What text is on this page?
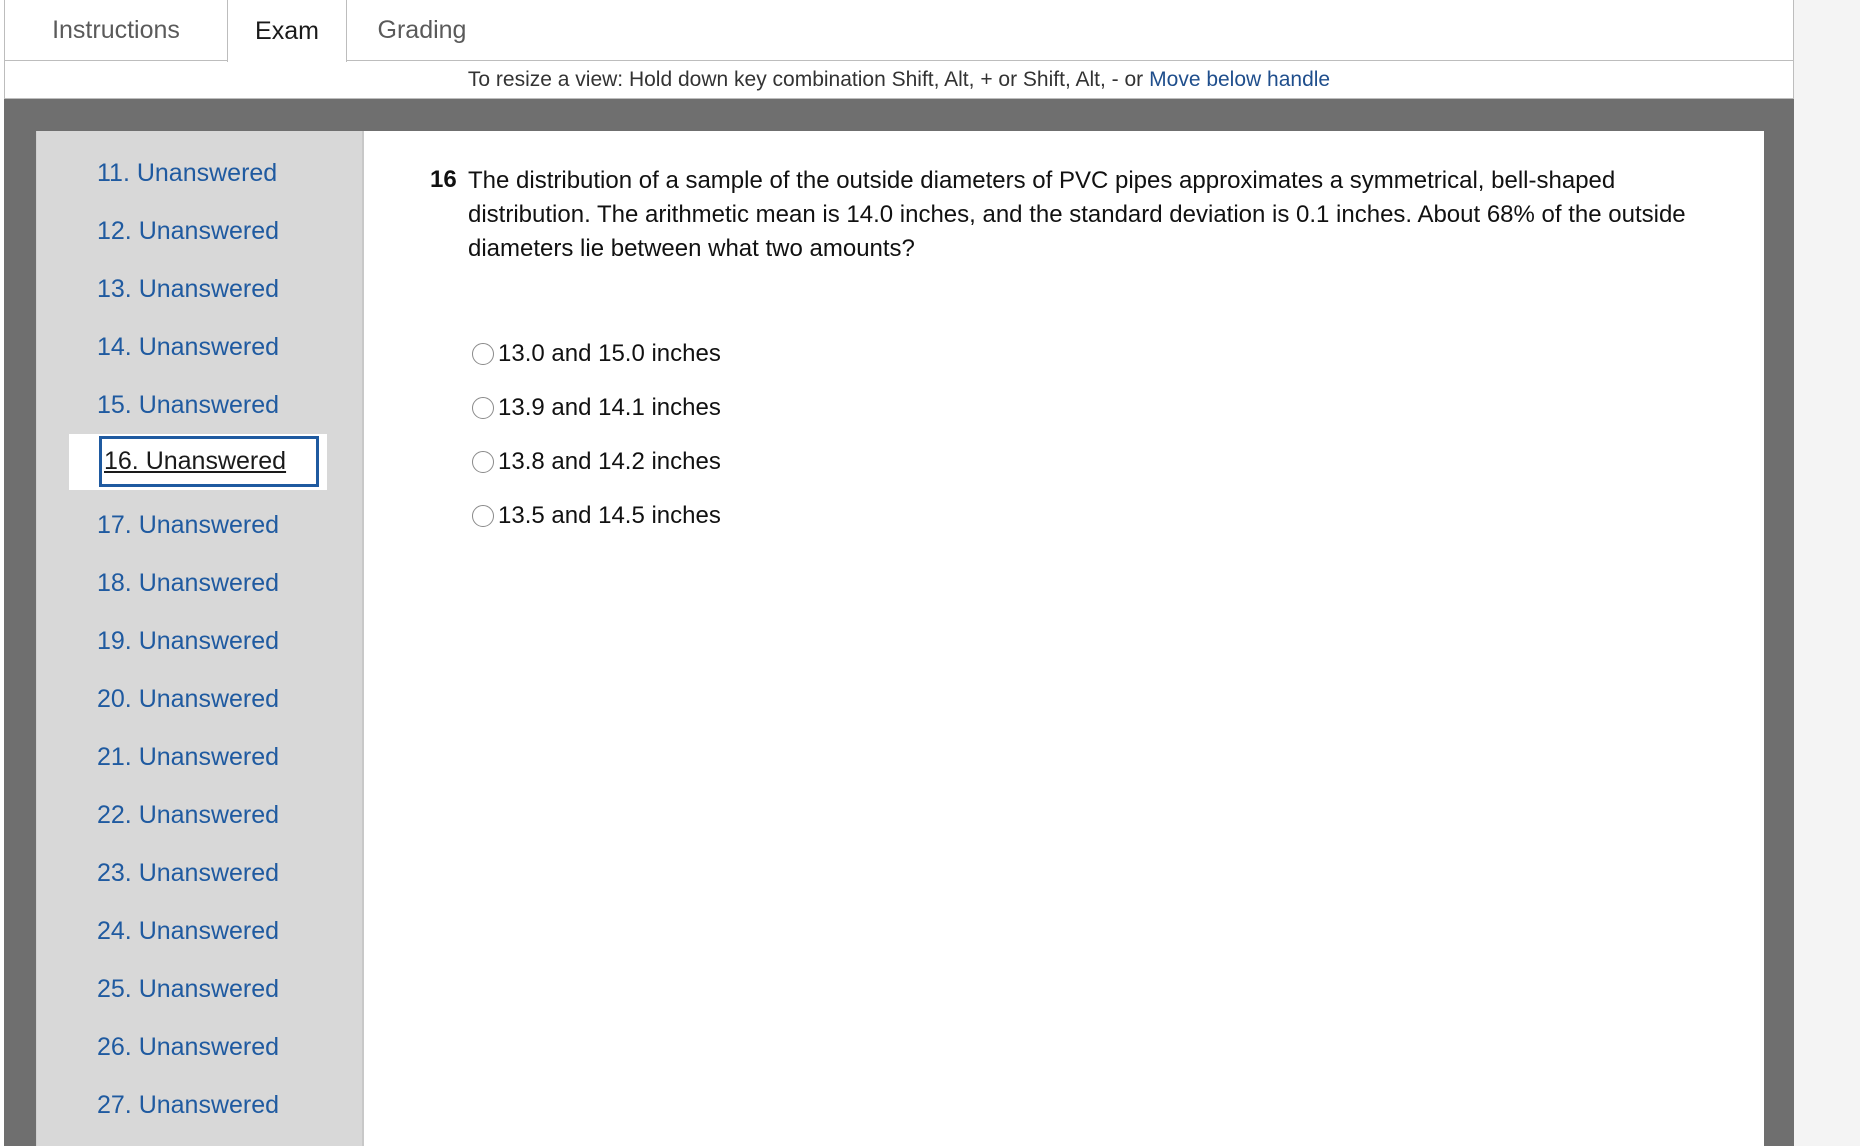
Instructions	Exam	Grading
To resize a view: Hold down key combination Shift, Alt, + or Shift, Alt, - or Move below handle
11. Unanswered
12. Unanswered
13. Unanswered
14. Unanswered
15. Unanswered
16. Unanswered
17. Unanswered
18. Unanswered
19. Unanswered
20. Unanswered
21. Unanswered
22. Unanswered
23. Unanswered
24. Unanswered
25. Unanswered
26. Unanswered
27. Unanswered
16 The distribution of a sample of the outside diameters of PVC pipes approximates a symmetrical, bell-shaped distribution. The arithmetic mean is 14.0 inches, and the standard deviation is 0.1 inches. About 68% of the outside diameters lie between what two amounts?
13.0 and 15.0 inches
13.9 and 14.1 inches
13.8 and 14.2 inches
13.5 and 14.5 inches
